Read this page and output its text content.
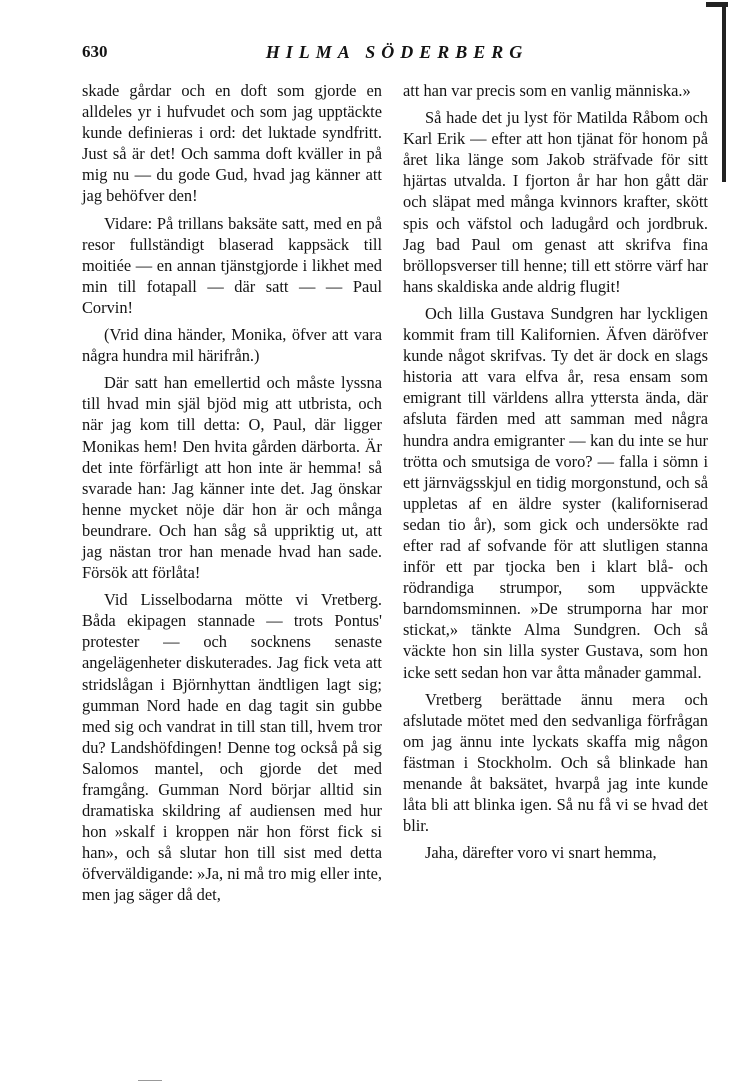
630	HILMA SÖDERBERG

skade gårdar och en doft som gjorde en alldeles yr i hufvudet och som jag upptäckte kunde definieras i ord: det luktade syndfritt. Just så är det! Och samma doft kväller in på mig nu — du gode Gud, hvad jag känner att jag behöfver den!

Vidare: På trillans baksäte satt, med en på resor fullständigt blaserad kappsäck till moitiée — en annan tjänstgjorde i likhet med min till fotapall — där satt — — Paul Corvin!

(Vrid dina händer, Monika, öfver att vara några hundra mil härifrån.)

Där satt han emellertid och måste lyssna till hvad min själ bjöd mig att utbrista, och när jag kom till detta: O, Paul, där ligger Monikas hem! Den hvita gården därborta. Är det inte förfärligt att hon inte är hemma! så svarade han: Jag känner inte det. Jag önskar henne mycket nöje där hon är och många beundrare. Och han såg så uppriktig ut, att jag nästan tror han menade hvad han sade. Försök att förlåta!

Vid Lisselbodarna mötte vi Vretberg. Båda ekipagen stannade — trots Pontus' protester — och socknens senaste angelägenheter diskuterades. Jag fick veta att stridslågan i Björnhyttan ändtligen lagt sig; gumman Nord hade en dag tagit sin gubbe med sig och vandrat in till stan till, hvem tror du? Landshöfdingen! Denne tog också på sig Salomos mantel, och gjorde det med framgång. Gumman Nord börjar alltid sin dramatiska skildring af audiensen med hur hon »skalf i kroppen när hon först fick si han», och så slutar hon till sist med detta öfverväldigande: »Ja, ni må tro mig eller inte, men jag säger då det,

att han var precis som en vanlig människa.»

Så hade det ju lyst för Matilda Råbom och Karl Erik — efter att hon tjänat för honom på året lika länge som Jakob sträfvade för sitt hjärtas utvalda. I fjorton år har hon gått där och släpat med många kvinnors krafter, skött spis och väfstol och ladugård och jordbruk. Jag bad Paul om genast att skrifva fina bröllopsverser till henne; till ett större värf har hans skaldiska ande aldrig flugit!

Och lilla Gustava Sundgren har lyckligen kommit fram till Kalifornien. Äfven däröfver kunde något skrifvas. Ty det är dock en slags historia att vara elfva år, resa ensam som emigrant till världens allra yttersta ända, där afsluta färden med att samman med några hundra andra emigranter — kan du inte se hur trötta och smutsiga de voro? — falla i sömn i ett järnvägsskjul en tidig morgonstund, och så uppletas af en äldre syster (kaliforniserad sedan tio år), som gick och undersökte rad efter rad af sofvande för att slutligen stanna inför ett par tjocka ben i klart blå- och rödrandiga strumpor, som uppväckte barndomsminnen. »De strumporna har mor stickat,» tänkte Alma Sundgren. Och så väckte hon sin lilla syster Gustava, som hon icke sett sedan hon var åtta månader gammal.

Vretberg berättade ännu mera och afslutade mötet med den sedvanliga förfrågan om jag ännu inte lyckats skaffa mig någon fästman i Stockholm. Och så blinkade han menande åt baksätet, hvarpå jag inte kunde låta bli att blinka igen. Så nu få vi se hvad det blir.

Jaha, därefter voro vi snart hemma,
